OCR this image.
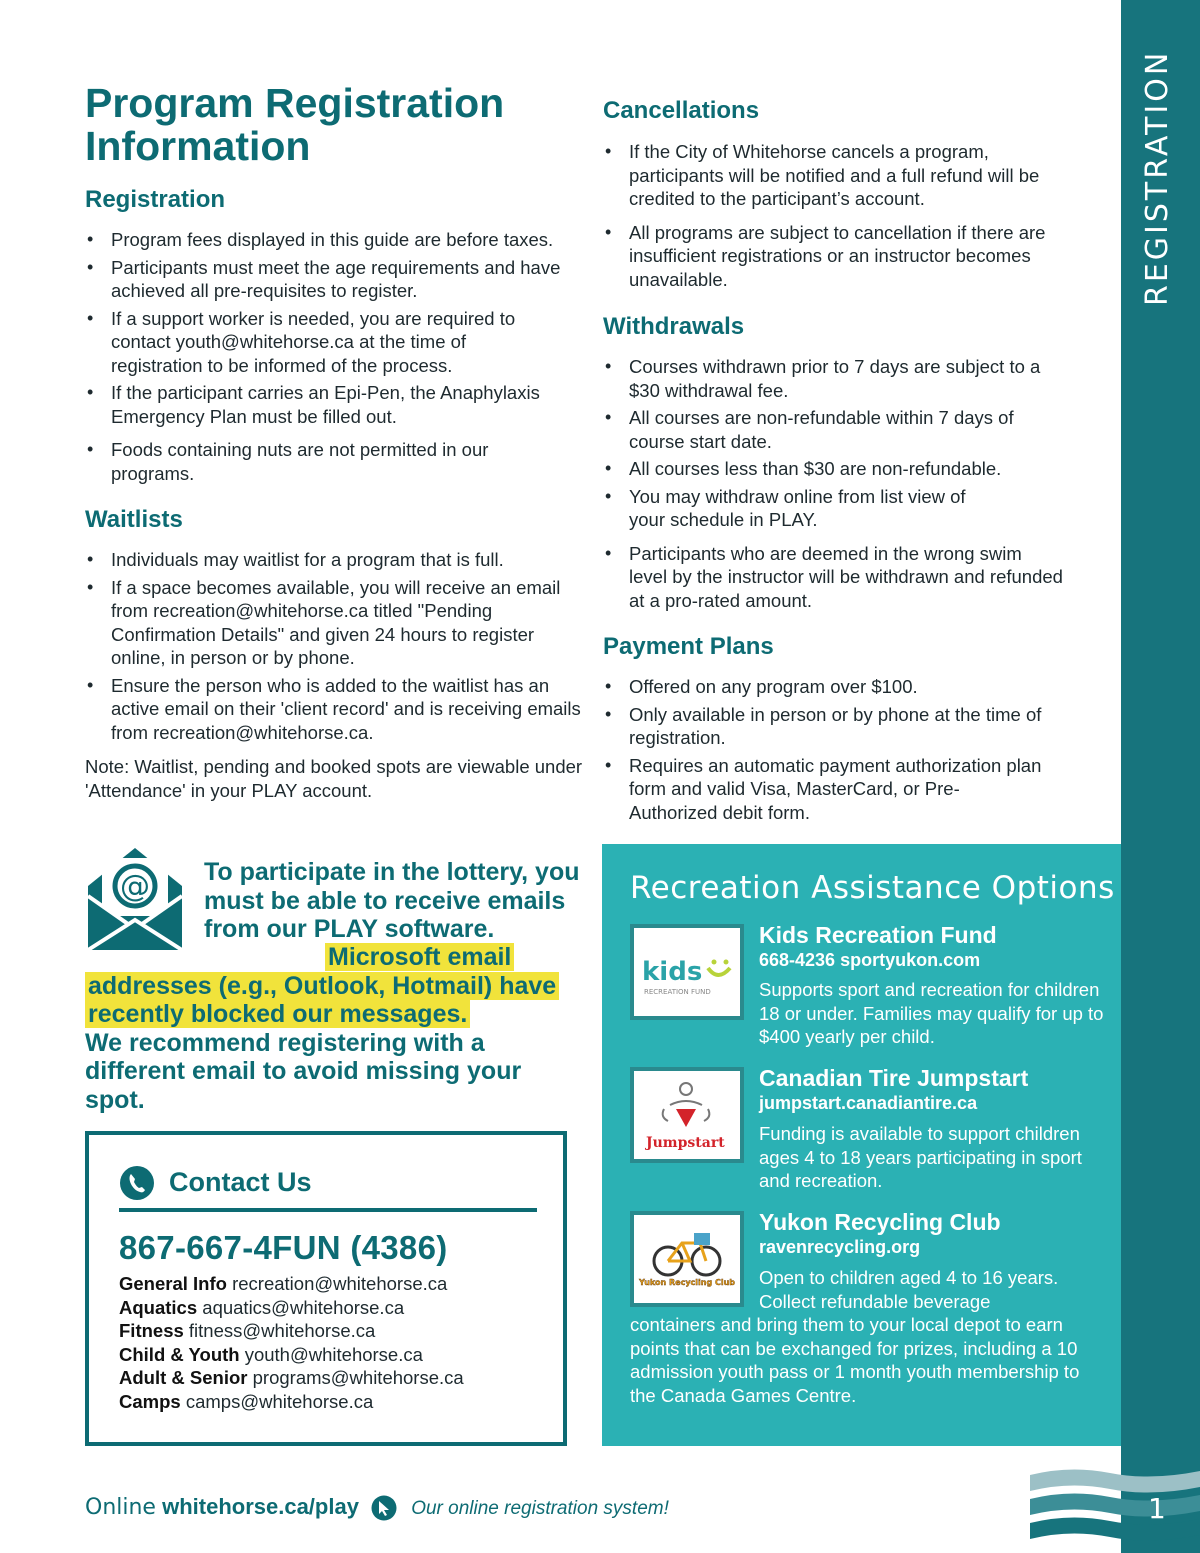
REGISTRATION
Program Registration Information
Registration
• Program fees displayed in this guide are before taxes.
• Participants must meet the age requirements and have achieved all pre-requisites to register.
• If a support worker is needed, you are required to contact youth@whitehorse.ca at the time of registration to be informed of the process.
• If the participant carries an Epi-Pen, the Anaphylaxis Emergency Plan must be filled out.
• Foods containing nuts are not permitted in our programs.
Waitlists
• Individuals may waitlist for a program that is full.
• If a space becomes available, you will receive an email from recreation@whitehorse.ca titled "Pending Confirmation Details" and given 24 hours to register online, in person or by phone.
• Ensure the person who is added to the waitlist has an active email on their 'client record' and is receiving emails from recreation@whitehorse.ca.

Note: Waitlist, pending and booked spots are viewable under 'Attendance' in your PLAY account.

Cancellations
• If the City of Whitehorse cancels a program, participants will be notified and a full refund will be credited to the participant’s account.
• All programs are subject to cancellation if there are insufficient registrations or an instructor becomes unavailable.
Withdrawals
• Courses withdrawn prior to 7 days are subject to a $30 withdrawal fee.
• All courses are non-refundable within 7 days of course start date.
• All courses less than $30 are non-refundable.
• You may withdraw online from list view of your schedule in PLAY.
• Participants who are deemed in the wrong swim level by the instructor will be withdrawn and refunded at a pro-rated amount.
Payment Plans
• Offered on any program over $100.
• Only available in person or by phone at the time of registration.
• Requires an automatic payment authorization plan form and valid Visa, MasterCard, or Pre-Authorized debit form.
@	To participate in the lottery, you must be able to receive emails from our PLAY software.
Microsoft email addresses (e.g., Outlook, Hotmail) have recently blocked our messages.
We recommend registering with a different email to avoid missing your spot.
Contact Us
867-667-4FUN (4386)
General Info recreation@whitehorse.ca
Aquatics aquatics@whitehorse.ca
Fitness fitness@whitehorse.ca
Child & Youth youth@whitehorse.ca
Adult & Senior programs@whitehorse.ca
Camps camps@whitehorse.ca
Recreation Assistance Options
kids
RECREATION FUND
Kids Recreation Fund
668-4236 sportyukon.com
Supports sport and recreation for children 18 or under. Families may qualify for up to $400 yearly per child.
Jumpstart
Canadian Tire Jumpstart
jumpstart.canadiantire.ca
Funding is available to support children ages 4 to 18 years participating in sport and recreation.
Yukon Recycling Club
Yukon Recycling Club
ravenrecycling.org
Open to children aged 4 to 16 years. Collect refundable beverage
containers and bring them to your local depot to earn points that can be exchanged for prizes, including a 10 admission youth pass or 1 month youth membership to the Canada Games Centre.
Online whitehorse.ca/play	Our online registration system!	1
